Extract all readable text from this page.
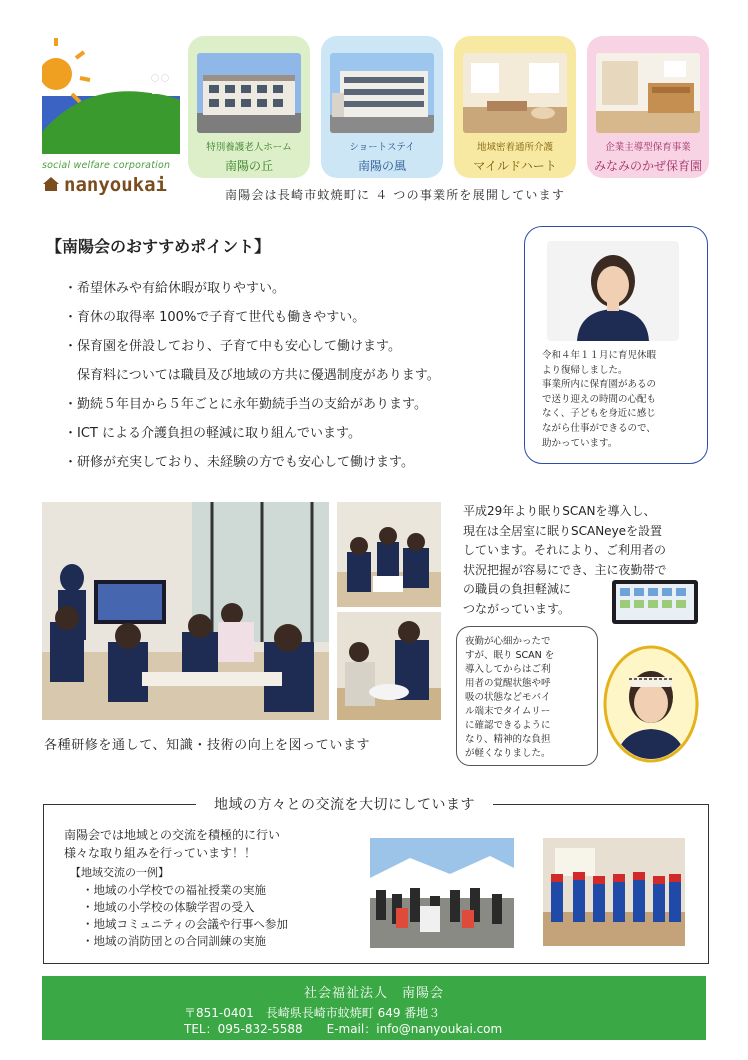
social welfare corporation
nanyoukai
特別養護老人ホーム
南陽の丘
ショートステイ
南陽の風
地域密着通所介護
マイルドハート
企業主導型保育事業
みなみのかぜ保育園
南陽会は長崎市蚊焼町に ４ つの事業所を展開しています
【南陽会のおすすめポイント】
・希望休みや有給休暇が取りやすい。
・育休の取得率 100%で子育て世代も働きやすい。
・保育園を併設しており、子育て中も安心して働けます。
　保育料については職員及び地域の方共に優遇制度があります。
・勤続５年目から５年ごとに永年勤続手当の支給があります。
・ICT による介護負担の軽減に取り組んでいます。
・研修が充実しており、未経験の方でも安心して働けます。
令和４年１１月に育児休暇
より復帰しました。
事業所内に保育園があるの
で送り迎えの時間の心配も
なく、子どもを身近に感じ
ながら仕事ができるので、
助かっています。
各種研修を通して、知識・技術の向上を図っています
平成29年より眠りSCANを導入し、
現在は全居室に眠りSCANeyeを設置
しています。それにより、ご利用者の
状況把握が容易にでき、主に夜勤帯で
の職員の負担軽減に
つながっています。
夜勤が心細かったで
すが、眠り SCAN を
導入してからはご利
用者の覚醒状態や呼
吸の状態などモバイ
ル端末でタイムリー
に確認できるように
なり、精神的な負担
が軽くなりました。
地域の方々との交流を大切にしています
南陽会では地域との交流を積極的に行い
様々な取り組みを行っています！！
【地域交流の一例】
・地域の小学校での福祉授業の実施
・地域の小学校の体験学習の受入
・地域コミュニティの会議や行事へ参加
・地域の消防団との合同訓練の実施
社会福祉法人　南陽会
〒851-0401　長崎県長崎市蚊焼町 649 番地３
TEL：095-832-5588　　E-mail：info@nanyoukai.com
